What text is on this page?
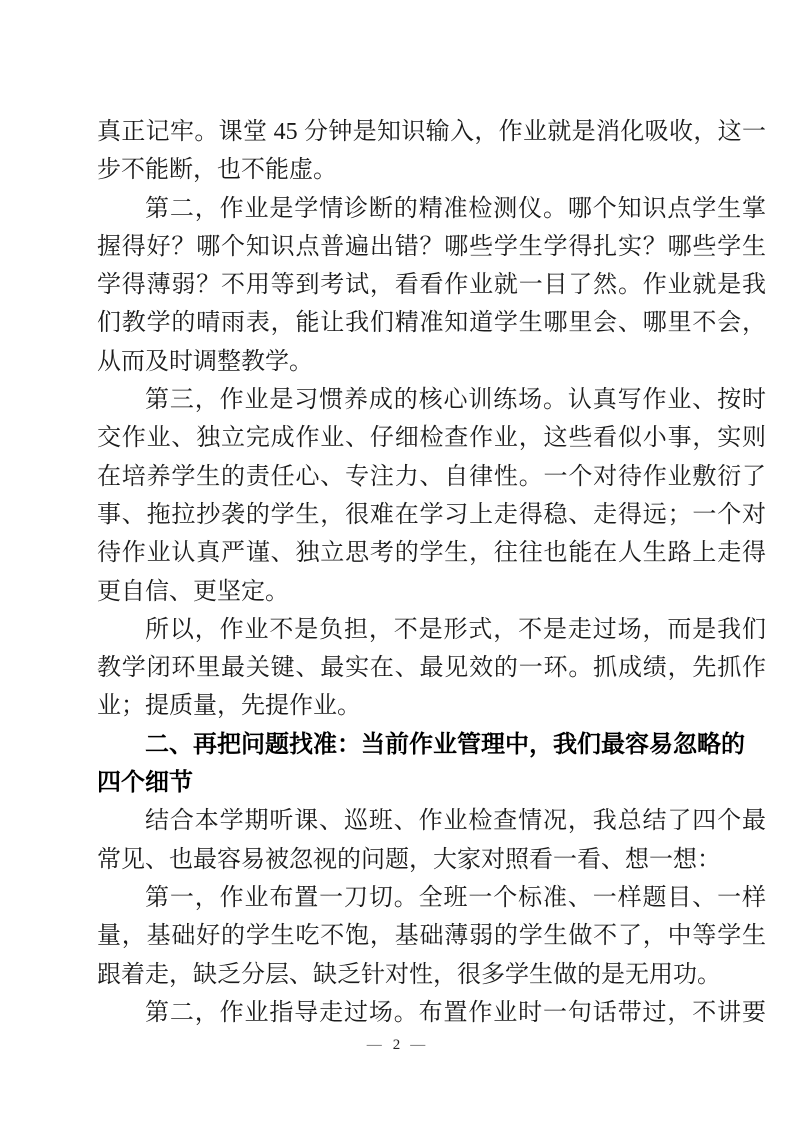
真正记牢。课堂 45 分钟是知识输入，作业就是消化吸收，这一
步不能断，也不能虚。
第二，作业是学情诊断的精准检测仪。哪个知识点学生掌
握得好？哪个知识点普遍出错？哪些学生学得扎实？哪些学生
学得薄弱？不用等到考试，看看作业就一目了然。作业就是我
们教学的晴雨表，能让我们精准知道学生哪里会、哪里不会，
从而及时调整教学。
第三，作业是习惯养成的核心训练场。认真写作业、按时
交作业、独立完成作业、仔细检查作业，这些看似小事，实则
在培养学生的责任心、专注力、自律性。一个对待作业敷衍了
事、拖拉抄袭的学生，很难在学习上走得稳、走得远；一个对
待作业认真严谨、独立思考的学生，往往也能在人生路上走得
更自信、更坚定。
所以，作业不是负担，不是形式，不是走过场，而是我们
教学闭环里最关键、最实在、最见效的一环。抓成绩，先抓作
业；提质量，先提作业。
二、再把问题找准：当前作业管理中，我们最容易忽略的
四个细节
结合本学期听课、巡班、作业检查情况，我总结了四个最
常见、也最容易被忽视的问题，大家对照看一看、想一想：
第一，作业布置一刀切。全班一个标准、一样题目、一样
量，基础好的学生吃不饱，基础薄弱的学生做不了，中等学生
跟着走，缺乏分层、缺乏针对性，很多学生做的是无用功。
第二，作业指导走过场。布置作业时一句话带过，不讲要
— 2 —
